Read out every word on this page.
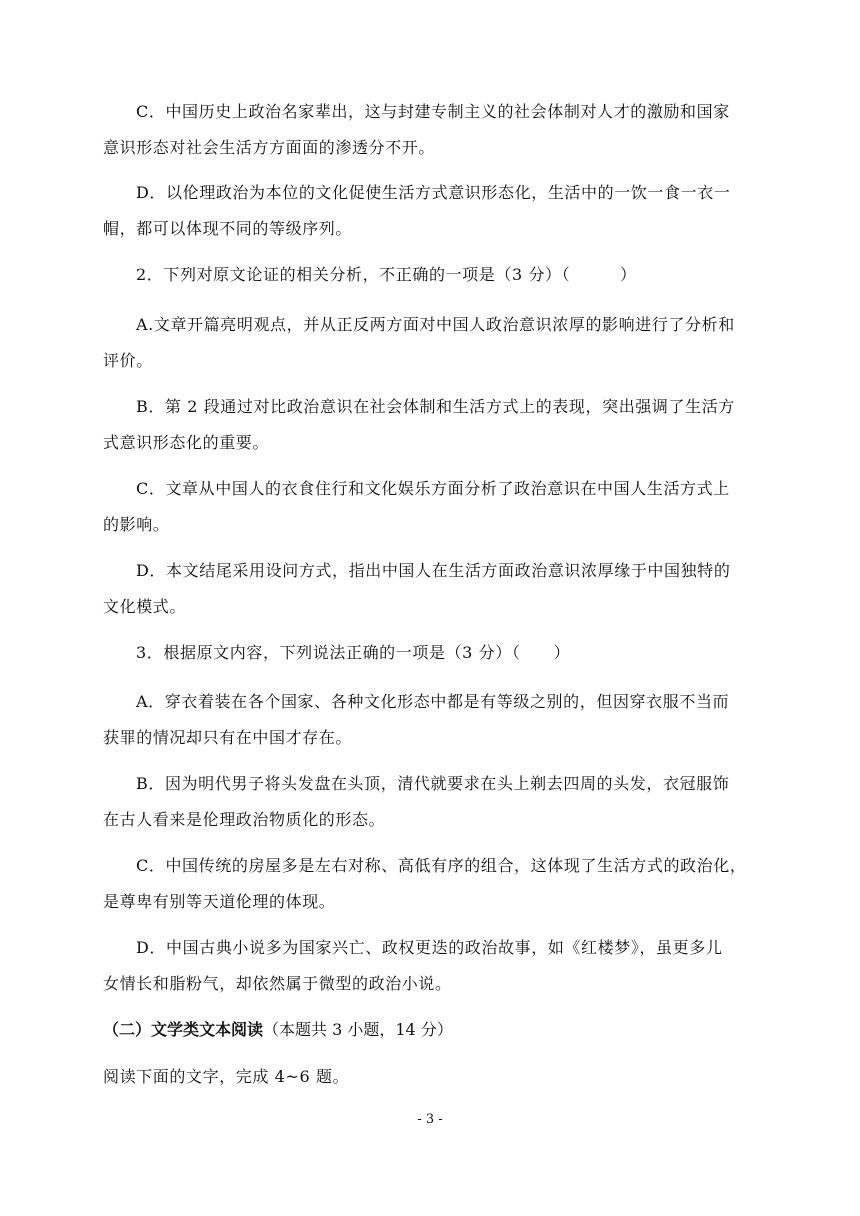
C．中国历史上政治名家辈出，这与封建专制主义的社会体制对人才的激励和国家
意识形态对社会生活方方面面的渗透分不开。
D．以伦理政治为本位的文化促使生活方式意识形态化，生活中的一饮一食一衣一
帽，都可以体现不同的等级序列。
2．下列对原文论证的相关分析，不正确的一项是（3 分）（　　　）
A.文章开篇亮明观点，并从正反两方面对中国人政治意识浓厚的影响进行了分析和
评价。
B．第 2 段通过对比政治意识在社会体制和生活方式上的表现，突出强调了生活方
式意识形态化的重要。
C．文章从中国人的衣食住行和文化娱乐方面分析了政治意识在中国人生活方式上
的影响。
D．本文结尾采用设问方式，指出中国人在生活方面政治意识浓厚缘于中国独特的
文化模式。
3．根据原文内容，下列说法正确的一项是（3 分）（　　）
A．穿衣着装在各个国家、各种文化形态中都是有等级之别的，但因穿衣服不当而
获罪的情况却只有在中国才存在。
B．因为明代男子将头发盘在头顶，清代就要求在头上剃去四周的头发，衣冠服饰
在古人看来是伦理政治物质化的形态。
C．中国传统的房屋多是左右对称、高低有序的组合，这体现了生活方式的政治化，
是尊卑有别等天道伦理的体现。
D．中国古典小说多为国家兴亡、政权更迭的政治故事，如《红楼梦》，虽更多儿
女情长和脂粉气，却依然属于微型的政治小说。
（二）文学类文本阅读（本题共 3 小题，14 分）
阅读下面的文字，完成 4~6 题。
- 3 -
